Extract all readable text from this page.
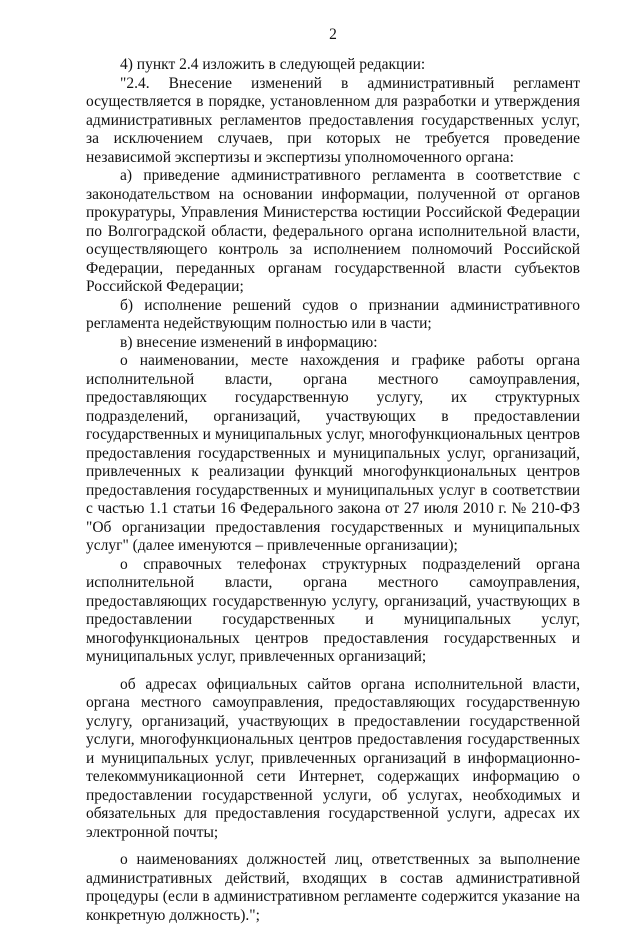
2

4) пункт 2.4 изложить в следующей редакции:

"2.4. Внесение изменений в административный регламент осуществляется в порядке, установленном для разработки и утверждения административных регламентов предоставления государственных услуг, за исключением случаев, при которых не требуется проведение независимой экспертизы и экспертизы уполномоченного органа:

а) приведение административного регламента в соответствие с законодательством на основании информации, полученной от органов прокуратуры, Управления Министерства юстиции Российской Федерации по Волгоградской области, федерального органа исполнительной власти, осуществляющего контроль за исполнением полномочий Российской Федерации, переданных органам государственной власти субъектов Российской Федерации;

б) исполнение решений судов о признании административного регламента недействующим полностью или в части;

в) внесение изменений в информацию:

о наименовании, месте нахождения и графике работы органа исполнительной власти, органа местного самоуправления, предоставляющих государственную услугу, их структурных подразделений, организаций, участвующих в предоставлении государственных и муниципальных услуг, многофункциональных центров предоставления государственных и муниципальных услуг, организаций, привлеченных к реализации функций многофункциональных центров предоставления государственных и муниципальных услуг в соответствии с частью 1.1 статьи 16 Федерального закона от 27 июля 2010 г. № 210-ФЗ "Об организации предоставления государственных и муниципальных услуг" (далее именуются – привлеченные организации);

о справочных телефонах структурных подразделений органа исполнительной власти, органа местного самоуправления, предоставляющих государственную услугу, организаций, участвующих в предоставлении государственных и муниципальных услуг, многофункциональных центров предоставления государственных и муниципальных услуг, привлеченных организаций;

об адресах официальных сайтов органа исполнительной власти, органа местного самоуправления, предоставляющих государственную услугу, организаций, участвующих в предоставлении государственной услуги, многофункциональных центров предоставления государственных и муниципальных услуг, привлеченных организаций в информационно-телекоммуникационной сети Интернет, содержащих информацию о предоставлении государственной услуги, об услугах, необходимых и обязательных для предоставления государственной услуги, адресах их электронной почты;

о наименованиях должностей лиц, ответственных за выполнение административных действий, входящих в состав административной процедуры (если в административном регламенте содержится указание на конкретную должность).";
